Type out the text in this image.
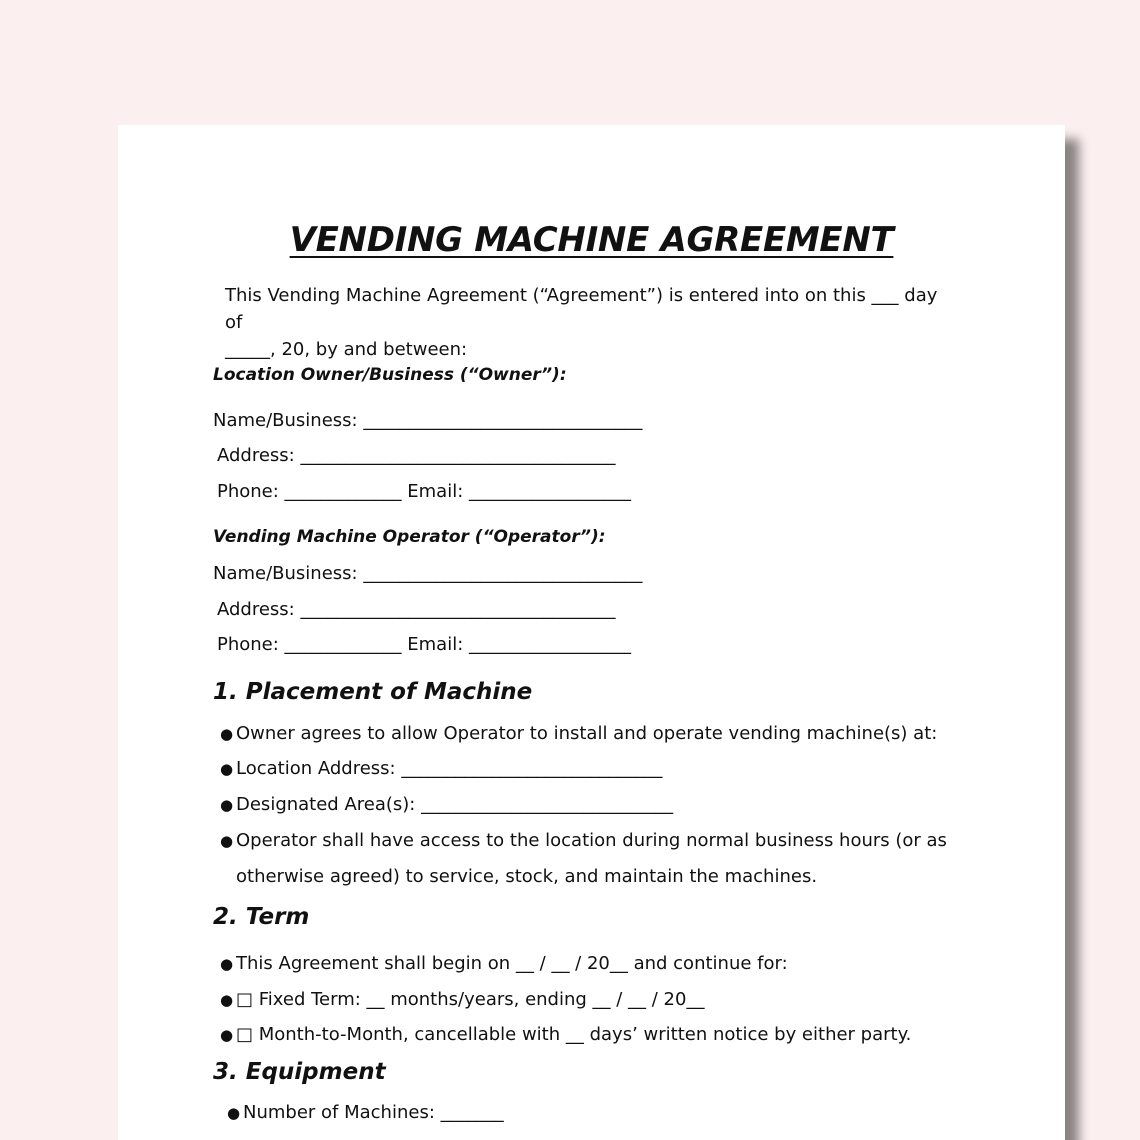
VENDING MACHINE AGREEMENT
This Vending Machine Agreement (“Agreement”) is entered into on this ___ day of
_____, 20, by and between:
Location Owner/Business (“Owner”):
Name/Business: _______________________________
Address: ___________________________________
Phone: _____________ Email: __________________
Vending Machine Operator (“Operator”):
Name/Business: _______________________________
Address: ___________________________________
Phone: _____________ Email: __________________
1. Placement of Machine
● Owner agrees to allow Operator to install and operate vending machine(s) at:
● Location Address: _____________________________
● Designated Area(s): ____________________________
● Operator shall have access to the location during normal business hours (or as
otherwise agreed) to service, stock, and maintain the machines.
2. Term
● This Agreement shall begin on __ / __ / 20__ and continue for:
● □ Fixed Term: __ months/years, ending __ / __ / 20__
● □ Month-to-Month, cancellable with __ days’ written notice by either party.
3. Equipment
● Number of Machines: _______
